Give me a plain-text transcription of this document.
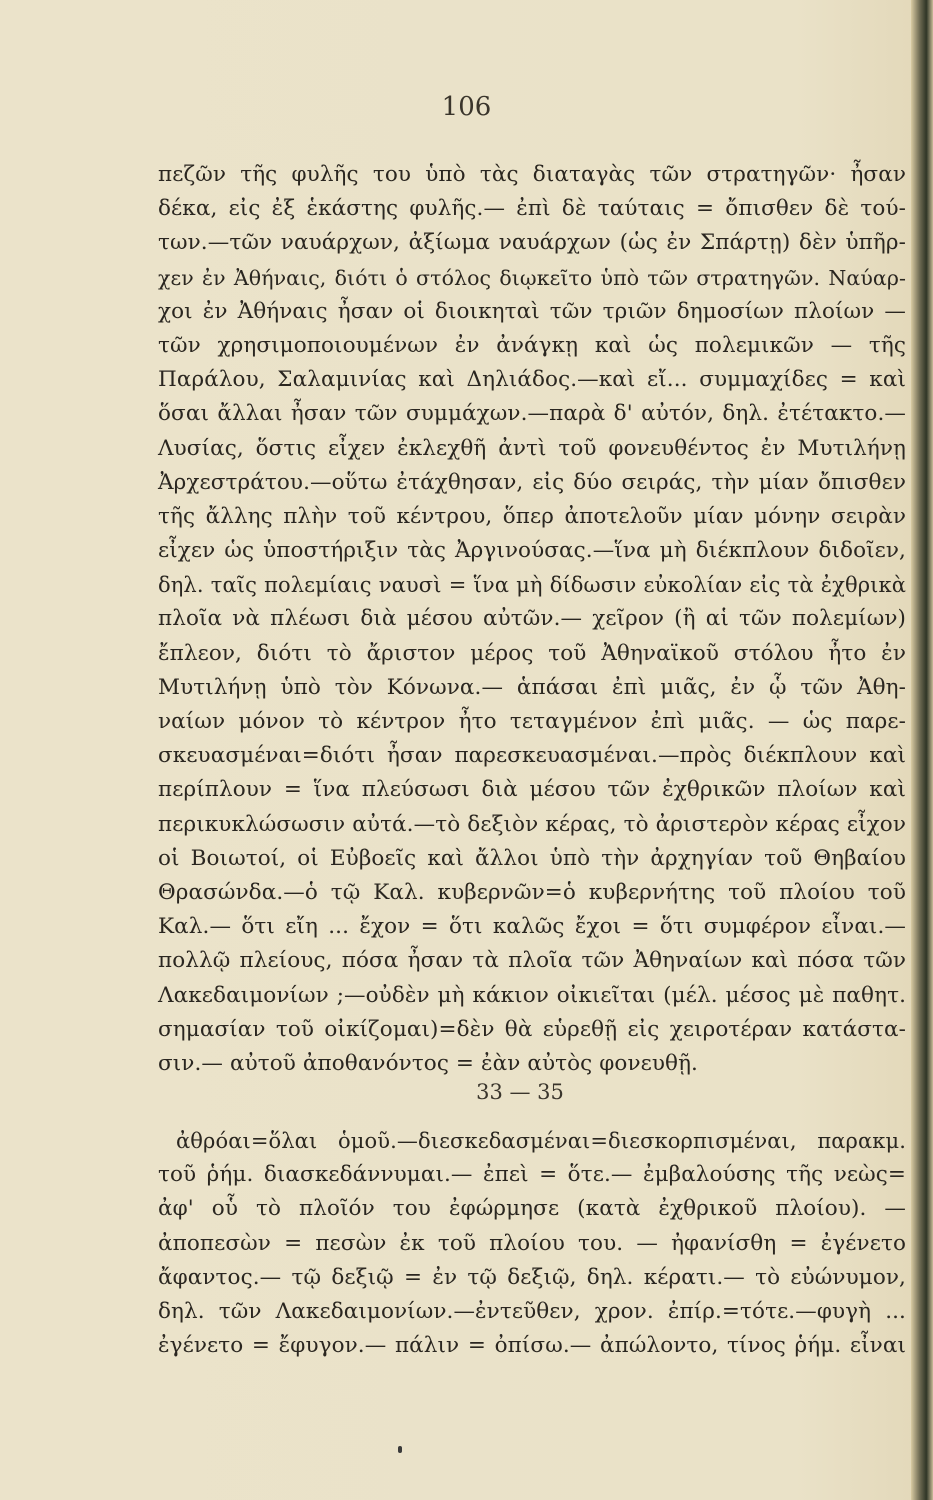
106
πεζῶν τῆς φυλῆς του ὑπὸ τὰς διαταγὰς τῶν στρατηγῶν· ἦσαν
δέκα, εἰς ἐξ ἑκάστης φυλῆς.— ἐπὶ δὲ ταύταις = ὄπισθεν δὲ τού-
των.—τῶν ναυάρχων, ἀξίωμα ναυάρχων (ὡς ἐν Σπάρτῃ) δὲν ὑπῆρ-
χεν ἐν Ἀθήναις, διότι ὁ στόλος διῳκεῖτο ὑπὸ τῶν στρατηγῶν. Ναύαρ-
χοι ἐν Ἀθήναις ἦσαν οἱ διοικηταὶ τῶν τριῶν δημοσίων πλοίων —
τῶν χρησιμοποιουμένων ἐν ἀνάγκῃ καὶ ὡς πολεμικῶν — τῆς
Παράλου, Σαλαμινίας καὶ Δηλιάδος.—καὶ εἴ... συμμαχίδες = καὶ
ὅσαι ἄλλαι ἦσαν τῶν συμμάχων.—παρὰ δ' αὐτόν, δηλ. ἐτέτακτο.—
Λυσίας, ὅστις εἶχεν ἐκλεχθῆ ἀντὶ τοῦ φονευθέντος ἐν Μυτιλήνῃ
Ἀρχεστράτου.—οὕτω ἐτάχθησαν, εἰς δύο σειράς, τὴν μίαν ὄπισθεν
τῆς ἄλλης πλὴν τοῦ κέντρου, ὅπερ ἀποτελοῦν μίαν μόνην σειρὰν
εἶχεν ὡς ὑποστήριξιν τὰς Ἀργινούσας.—ἵνα μὴ διέκπλουν διδοῖεν,
δηλ. ταῖς πολεμίαις ναυσὶ = ἵνα μὴ δίδωσιν εὐκολίαν εἰς τὰ ἐχθρικὰ
πλοῖα νὰ πλέωσι διὰ μέσου αὐτῶν.— χεῖρον (ἢ αἱ τῶν πολεμίων)
ἔπλεον, διότι τὸ ἄριστον μέρος τοῦ Ἀθηναϊκοῦ στόλου ἦτο ἐν
Μυτιλήνῃ ὑπὸ τὸν Κόνωνα.— ἁπάσαι ἐπὶ μιᾶς, ἐν ᾧ τῶν Ἀθη-
ναίων μόνον τὸ κέντρον ἦτο τεταγμένον ἐπὶ μιᾶς. — ὡς παρε-
σκευασμέναι=διότι ἦσαν παρεσκευασμέναι.—πρὸς διέκπλουν καὶ
περίπλουν = ἵνα πλεύσωσι διὰ μέσου τῶν ἐχθρικῶν πλοίων καὶ
περικυκλώσωσιν αὐτά.—τὸ δεξιὸν κέρας, τὸ ἀριστερὸν κέρας εἶχον
οἱ Βοιωτοί, οἱ Εὐβοεῖς καὶ ἄλλοι ὑπὸ τὴν ἀρχηγίαν τοῦ Θηβαίου
Θρασώνδα.—ὁ τῷ Καλ. κυβερνῶν=ὁ κυβερνήτης τοῦ πλοίου τοῦ
Καλ.— ὅτι εἴη ... ἔχον = ὅτι καλῶς ἔχοι = ὅτι συμφέρον εἶναι.—
πολλῷ πλείους, πόσα ἦσαν τὰ πλοῖα τῶν Ἀθηναίων καὶ πόσα τῶν
Λακεδαιμονίων ;—οὐδὲν μὴ κάκιον οἰκιεῖται (μέλ. μέσος μὲ παθητ.
σημασίαν τοῦ οἰκίζομαι)=δὲν θὰ εὑρεθῇ εἰς χειροτέραν κατάστα-
σιν.— αὐτοῦ ἀποθανόντος = ἐὰν αὐτὸς φονευθῇ.
33 — 35
ἀθρόαι=ὅλαι ὁμοῦ.—διεσκεδασμέναι=διεσκορπισμέναι, παρακμ.
τοῦ ῥήμ. διασκεδάννυμαι.— ἐπεὶ = ὅτε.— ἐμβαλούσης τῆς νεὼς=
ἀφ' οὗ τὸ πλοῖόν του ἐφώρμησε (κατὰ ἐχθρικοῦ πλοίου). —
ἀποπεσὼν = πεσὼν ἐκ τοῦ πλοίου του. — ἠφανίσθη = ἐγένετο
ἄφαντος.— τῷ δεξιῷ = ἐν τῷ δεξιῷ, δηλ. κέρατι.— τὸ εὐώνυμον,
δηλ. τῶν Λακεδαιμονίων.—ἐντεῦθεν, χρον. ἐπίρ.=τότε.—φυγὴ ...
ἐγένετο = ἔφυγον.— πάλιν = ὀπίσω.— ἀπώλοντο, τίνος ῥήμ. εἶναι
